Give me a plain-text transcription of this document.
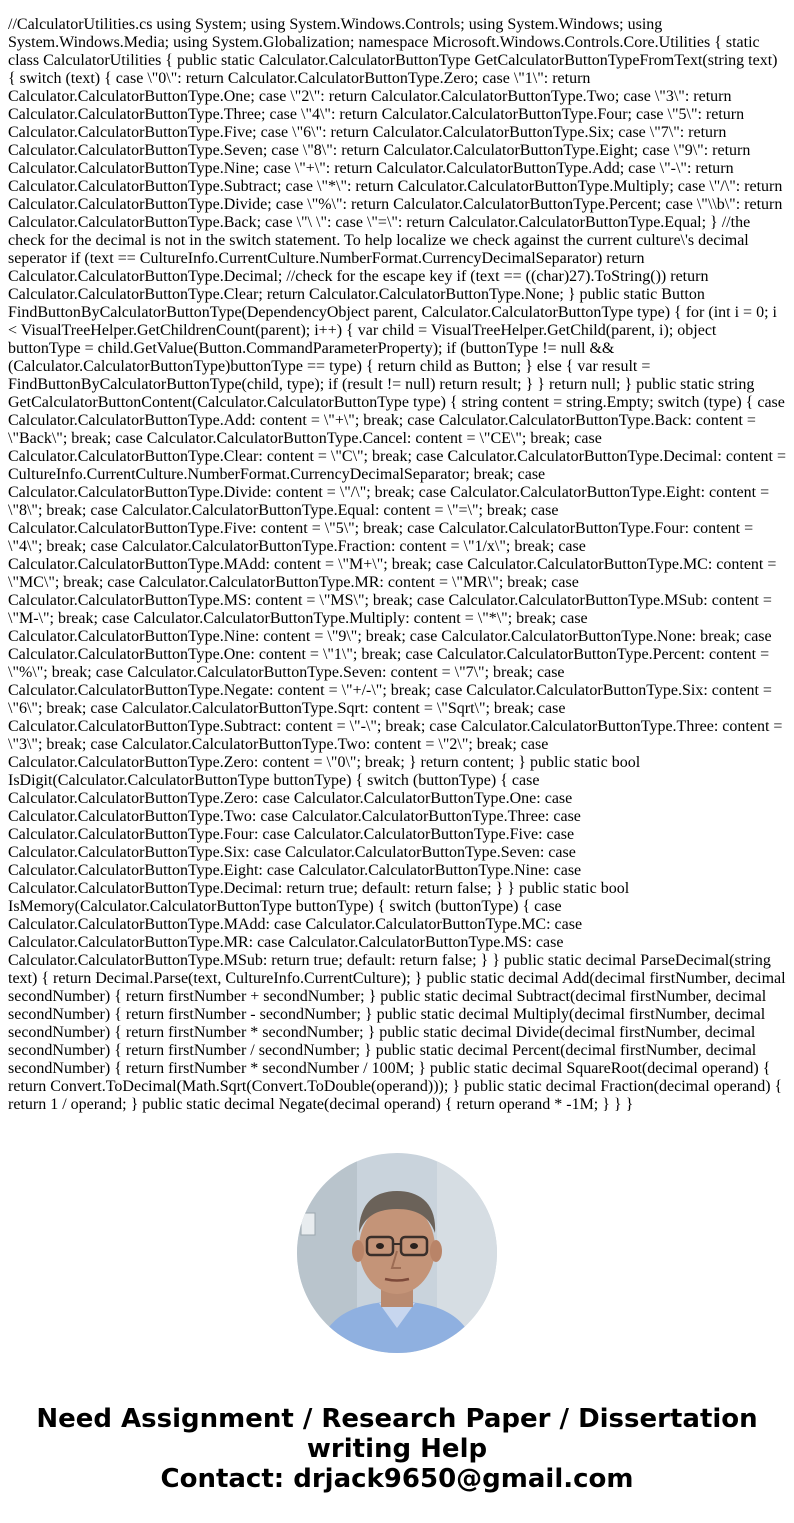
//CalculatorUtilities.cs using System; using System.Windows.Controls; using System.Windows; using System.Windows.Media; using System.Globalization; namespace Microsoft.Windows.Controls.Core.Utilities { static class CalculatorUtilities { public static Calculator.CalculatorButtonType GetCalculatorButtonTypeFromText(string text) { switch (text) { case \"0\": return Calculator.CalculatorButtonType.Zero; case \"1\": return Calculator.CalculatorButtonType.One; case \"2\": return Calculator.CalculatorButtonType.Two; case \"3\": return Calculator.CalculatorButtonType.Three; case \"4\": return Calculator.CalculatorButtonType.Four; case \"5\": return Calculator.CalculatorButtonType.Five; case \"6\": return Calculator.CalculatorButtonType.Six; case \"7\": return Calculator.CalculatorButtonType.Seven; case \"8\": return Calculator.CalculatorButtonType.Eight; case \"9\": return Calculator.CalculatorButtonType.Nine; case \"+\": return Calculator.CalculatorButtonType.Add; case \"-\": return Calculator.CalculatorButtonType.Subtract; case \"*\": return Calculator.CalculatorButtonType.Multiply; case \"/\": return Calculator.CalculatorButtonType.Divide; case \"%\": return Calculator.CalculatorButtonType.Percent; case \"\\b\": return Calculator.CalculatorButtonType.Back; case \"\ \": case \"=\": return Calculator.CalculatorButtonType.Equal; } //the check for the decimal is not in the switch statement. To help localize we check against the current culture\'s decimal seperator if (text == CultureInfo.CurrentCulture.NumberFormat.CurrencyDecimalSeparator) return Calculator.CalculatorButtonType.Decimal; //check for the escape key if (text == ((char)27).ToString()) return Calculator.CalculatorButtonType.Clear; return Calculator.CalculatorButtonType.None; } public static Button FindButtonByCalculatorButtonType(DependencyObject parent, Calculator.CalculatorButtonType type) { for (int i = 0; i < VisualTreeHelper.GetChildrenCount(parent); i++) { var child = VisualTreeHelper.GetChild(parent, i); object buttonType = child.GetValue(Button.CommandParameterProperty); if (buttonType != null && (Calculator.CalculatorButtonType)buttonType == type) { return child as Button; } else { var result = FindButtonByCalculatorButtonType(child, type); if (result != null) return result; } } return null; } public static string GetCalculatorButtonContent(Calculator.CalculatorButtonType type) { string content = string.Empty; switch (type) { case Calculator.CalculatorButtonType.Add: content = \"+\"; break; case Calculator.CalculatorButtonType.Back: content = \"Back\"; break; case Calculator.CalculatorButtonType.Cancel: content = \"CE\"; break; case Calculator.CalculatorButtonType.Clear: content = \"C\"; break; case Calculator.CalculatorButtonType.Decimal: content = CultureInfo.CurrentCulture.NumberFormat.CurrencyDecimalSeparator; break; case Calculator.CalculatorButtonType.Divide: content = \"/\"; break; case Calculator.CalculatorButtonType.Eight: content = \"8\"; break; case Calculator.CalculatorButtonType.Equal: content = \"=\"; break; case Calculator.CalculatorButtonType.Five: content = \"5\"; break; case Calculator.CalculatorButtonType.Four: content = \"4\"; break; case Calculator.CalculatorButtonType.Fraction: content = \"1/x\"; break; case Calculator.CalculatorButtonType.MAdd: content = \"M+\"; break; case Calculator.CalculatorButtonType.MC: content = \"MC\"; break; case Calculator.CalculatorButtonType.MR: content = \"MR\"; break; case Calculator.CalculatorButtonType.MS: content = \"MS\"; break; case Calculator.CalculatorButtonType.MSub: content = \"M-\"; break; case Calculator.CalculatorButtonType.Multiply: content = \"*\"; break; case Calculator.CalculatorButtonType.Nine: content = \"9\"; break; case Calculator.CalculatorButtonType.None: break; case Calculator.CalculatorButtonType.One: content = \"1\"; break; case Calculator.CalculatorButtonType.Percent: content = \"%\"; break; case Calculator.CalculatorButtonType.Seven: content = \"7\"; break; case Calculator.CalculatorButtonType.Negate: content = \"+/-\"; break; case Calculator.CalculatorButtonType.Six: content = \"6\"; break; case Calculator.CalculatorButtonType.Sqrt: content = \"Sqrt\"; break; case Calculator.CalculatorButtonType.Subtract: content = \"-\"; break; case Calculator.CalculatorButtonType.Three: content = \"3\"; break; case Calculator.CalculatorButtonType.Two: content = \"2\"; break; case Calculator.CalculatorButtonType.Zero: content = \"0\"; break; } return content; } public static bool IsDigit(Calculator.CalculatorButtonType buttonType) { switch (buttonType) { case Calculator.CalculatorButtonType.Zero: case Calculator.CalculatorButtonType.One: case Calculator.CalculatorButtonType.Two: case Calculator.CalculatorButtonType.Three: case Calculator.CalculatorButtonType.Four: case Calculator.CalculatorButtonType.Five: case Calculator.CalculatorButtonType.Six: case Calculator.CalculatorButtonType.Seven: case Calculator.CalculatorButtonType.Eight: case Calculator.CalculatorButtonType.Nine: case Calculator.CalculatorButtonType.Decimal: return true; default: return false; } } public static bool IsMemory(Calculator.CalculatorButtonType buttonType) { switch (buttonType) { case Calculator.CalculatorButtonType.MAdd: case Calculator.CalculatorButtonType.MC: case Calculator.CalculatorButtonType.MR: case Calculator.CalculatorButtonType.MS: case Calculator.CalculatorButtonType.MSub: return true; default: return false; } } public static decimal ParseDecimal(string text) { return Decimal.Parse(text, CultureInfo.CurrentCulture); } public static decimal Add(decimal firstNumber, decimal secondNumber) { return firstNumber + secondNumber; } public static decimal Subtract(decimal firstNumber, decimal secondNumber) { return firstNumber - secondNumber; } public static decimal Multiply(decimal firstNumber, decimal secondNumber) { return firstNumber * secondNumber; } public static decimal Divide(decimal firstNumber, decimal secondNumber) { return firstNumber / secondNumber; } public static decimal Percent(decimal firstNumber, decimal secondNumber) { return firstNumber * secondNumber / 100M; } public static decimal SquareRoot(decimal operand) { return Convert.ToDecimal(Math.Sqrt(Convert.ToDouble(operand))); } public static decimal Fraction(decimal operand) { return 1 / operand; } public static decimal Negate(decimal operand) { return operand * -1M; } } }
Need Assignment / Research Paper / Dissertation
writing Help
Contact: drjack9650@gmail.com
